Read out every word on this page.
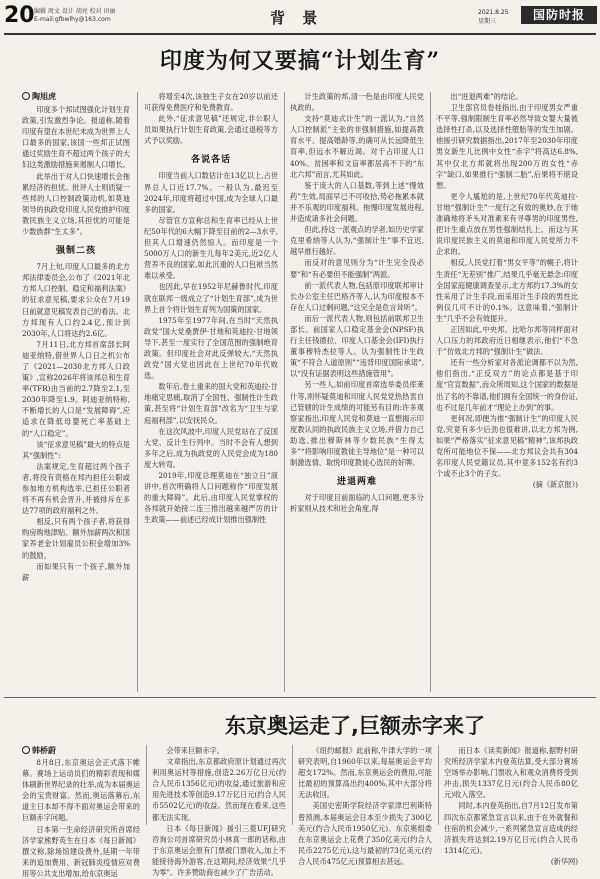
20 编辑 周文 设计 胡亮 校对 田丽
E-mail:gfbwlhy@163.com	背 景	2021.8.25
星期三	国防时报
印度为何又要搞“计划生育”
陶旭虎

印度多个邦试图强化计划生育政策,引发激烈争论。报道称,随着印度有望在本世纪末成为世界上人口最多的国家,该国一些邦正试图通过奖励生育不超过两个孩子的大妇这类激励措施来遏制人口增长。

此举出于对人口快速增长会拖累经济的担忧。批评人士则质疑一些邦的人口控制政策动机,如莫迪领导的执政党印度人民党推护印度教民族主义立场,其担忧的可能是少数族群“生太多”。

强制二孩

7月上旬,印度人口最多的北方邦法律委员会,公布了《2021年北方邦人口控制、稳定和福利法案》的征求意见稿,要求公众在7月19日前就意见稿发表自己的看法。北方邦现有人口约2.4亿,预计到2030年,人口将达约2.6亿。

7月11日,北方邦首席部长阿迪亚纳特,借世界人口日之机公布了《2021—2030北方邦人口政策》,宣称2026年将该邦总和生育率(TFR)由当前的2.7降至2.1,至2030年降至1.9。阿迪亚纳特称,不断增长的人口是“发展障碍”,应追求在降低母婴死亡率基础上的“人口稳定”。

该“征求意见稿”最大的特点是其“强制性”:

法案规定,生育超过两个孩子者,将没有资格在邦内担任公职或参加地方机构选举,已担任公职者将不再有机会晋升,并被排斥在多达77项的政府福利之外。

相反,只有两个孩子者,将获得购房购地津贴、额外加薪两次和国家养老金计划雇员公积金增加3%的鼓励。

而如果只有一个孩子,额外加薪

将增至4次,该独生子女在20岁以前还可获得免费医疗和免费教育。

此外,“征求意见稿”还规定,非公职人员如果执行计划生育政策,会通过退税等方式予以奖励。

各说各话

印度当前人口数估计在13亿以上,占世界总人口近17.7%。一般认为,最迟至2024年,印度将超过中国,成为全球人口最多的国家。

尽管官方宣称总和生育率已经从上世纪50年代的6大幅下降至目前的2—3水平,但其人口增速仍然惊人。而印度是一个5000万人口的新生儿每年2美元,近2亿人营养不良的国家,如此沉重的人口包袱当然难以承受。

也因此,早在1952年尼赫鲁时代,印度就在联邦一级成立了“计划生育部”,成为世界上首个将计划生育列为国策的国家。

1975年至1977年间,在当时“天然执政党”国大党桑贾伊·甘地和英迪拉·甘地领导下,甚至一度实行了全国范围的强制绝育政策。但印度社会对此反弹较大,“天然执政党”国大党也因此在上世纪70年代败选。

数年后,卷土重来的国大党和英迪拉·甘地痛定思痛,取消了全国性、强制性计生政策,甚至将“计划生育部”改名为“卫生与家庭福利部”,以安抚民众。

在这次风波中,印度人民党站在了反国大党、反计生行列中。当时不会有人想到多年之后,成为执政党的人民党会成为180度大转弯。

2019年,印度总理莫迪在“独立日”演讲中,首次明确将人口问题称作“印度发展的重大障碍”。此后,由印度人民党掌权的各邦就开始接二连三推出越来越严厉的计生政策——前述已经成计划推出强制性

计生政策的邦,清一色是由印度人民党执政的。

支持“莫迪式计生”的一派认为,“自然人口控制派”主张的非强制措施,如提高教育水平、提高婚龄等,的确可从长远降低生育率,但远水不解近渴。对于占印度人口40%、贫困率和文盲率都居高不下的“东北六邦”而言,尤其如此。

鉴于庞大的人口基数,等到上述“慢效药”生效,局面早已不可收拾,势必拖累本就并不乐观的印度福利。拖慢印度发展进程,并造成诸多社会问题。

但此,持这一派观点的学者,如历史学家克里希纳等人认为,“强制计生”事不宜迟,越早推行越好。

而反对的意见则分为“计生完全没必要”和“有必要但不能强制”两派。

前一派代表人物,包括原印度联邦审计长办公室主任巴格齐等人,认为印度根本不存在人口过剩问题,“这完全是危言耸听”。

而后一派代表人物,则包括前联邦卫生部长、前国家人口稳定基金会(NPSF)执行主任钱德拉、印度人口基金会(IFI)执行董事穆特杰拉等人。认为强制性计生政策“不符合人道原则”“违背印度国际承诺”,以“没有证据表明这些措施管用”。

另一些人,如前印度首席选举委员库莱什等,则怀疑莫迪和印度人民党党热热衷自己管辖的计生成绩的可能另有目的:许多观察家指出,印度人民党和莫迪一直想揭示印度教认同的执政民族主义立场,并借力自己助选,推出穆斯林等少数民族“生得太多”“将影响印度教徒主导地位”是一种可以制激选情、取悦印度教徒心选民的好牌。

进退两难

对于印度目前面临的人口问题,更多分析家则从技术和社会角度,得

出“进退两难”的结论。

卫生部官员卷桂指出,由于印度男女严重不平等,强制限制生育率必然导致女婴大量被选择性打杀,以及选择性堕胎等的发生加剧。他援引研究数据指出,2017年至2030年印度男女新生儿比例中女性“赤字”将高达6.8%,其中仅北方邦就将出现200万的女性“赤字”缺口,如果推行“强制二胎”,后果将不堪设想。

更令人尴尬的是,上世纪70年代英迪拉·甘地“强制计生”一度行之有效的奥妙,在于她准确地将矛头对准素来有寻尊男的印度男性,把计生重点放在男性强制结扎上。而这与其说印度民族主义的莫迪和印度人民党所力不企求的。

相反,人民党打着“男女平等”的幌子,将计生责任“无差别”推广,结果几乎毫无悬念:印度全国家庭健康调查显示,北方邦约17.3%的女性采用了计生手段,而采用计生手段的男性比例仅几可不计的0.1%。这意味着,“强制计生”几乎不会有效提升。

正因如此,中央邦、比哈尔邦等同样面对人口压力的邦政府近日相继表示,他们“不急于”仿效北方邦的“强制计生”做法。

还有一些分析家对各派论调都不以为然,他们指出,“正反双方”的论点都是基于印度“官宣数据”,而众所周知,这个国家的数据是出了名的不靠谱,他们拥有全国统一的身份证,也不过是几年前才“理论上办到”的事。

更何况,即便为推“强制计生”的印度人民党,究竟有多少后劲也很难讲,以北方邦为例,如果“严格落实”征求意见稿“精神”,该邦执政党所可能地位不保——北方邦议会共有304名印度人民党籍议员,其中竟多152名有约3个或不止3个的子女。

(摘《新京报》)

东京奥运走了,巨额赤字来了
韩桥蔚

8月8日,东京奥运会正式落下帷幕。赛场上运动员们的精彩表现和媒体刷新世界纪录的壮举,成为本届奥运会的宝贵财富。然而,奥运落幕后,东道主日本却不得不面对奥运会带来的巨额赤字问题。

日本第一生命经济研究所首席经济学家熊野英生在日本《每日新闻》撰文称,除场馆建设费外,延期一年带来的追加费用、新冠肺炎疫情应对费用等公共支出增加,给东京奥运

会带来巨额赤字。

文章指出,东京都政府原计划通过再次利用奥运村等措施,创造2.26万亿日元(约合人民币1356亿元)的收益,通过旅游和应用先进技术等创造9.17万亿日元(约合人民币5502亿元)的收益。然而现在看来,这些都无法实现。

日本《每日新闻》援引三菱UFJ研究咨询公司首席研究员小林真一郎的话称,由于东京奥运会原有门票被门票收入,加上不能接待海外游客,在这期间,经济效果“几乎为零”。许多赞助商也减少了广告活动。

《纽约邮报》此前称,牛津大学的一项研究表明,自1960年以来,每届奥运会平均超支172%。然而,东京奥运会的费用,可能比最初的预算高出约400%,其中大部分将无法收回。

美国史密斯学院经济学家津巴利斯特曾预测,本届奥运会日本至少损失了300亿美元(约合人民币1950亿元)。东京奥组委在东京奥运会上花费了350亿美元(约合人民币2275亿元),这与最初的73亿美元(约合人民币475亿元)预算相去甚远。

而日本《读卖新闻》报道称,据野村研究所经济学家木内登英估算,受大部分赛场空场举办影响,门票收入和观众消费将受到冲击,损失1337亿日元(约合人民币80亿元)收入落空。

同时,本内登英指出,自7月12日发布第四次东京都紧急宣言以来,由于在外就餐和住宿的机会减少,一系列紧急宣言造成的经济损失将达到2.19万亿日元(约合人民币1314亿元)。

(新华网)
